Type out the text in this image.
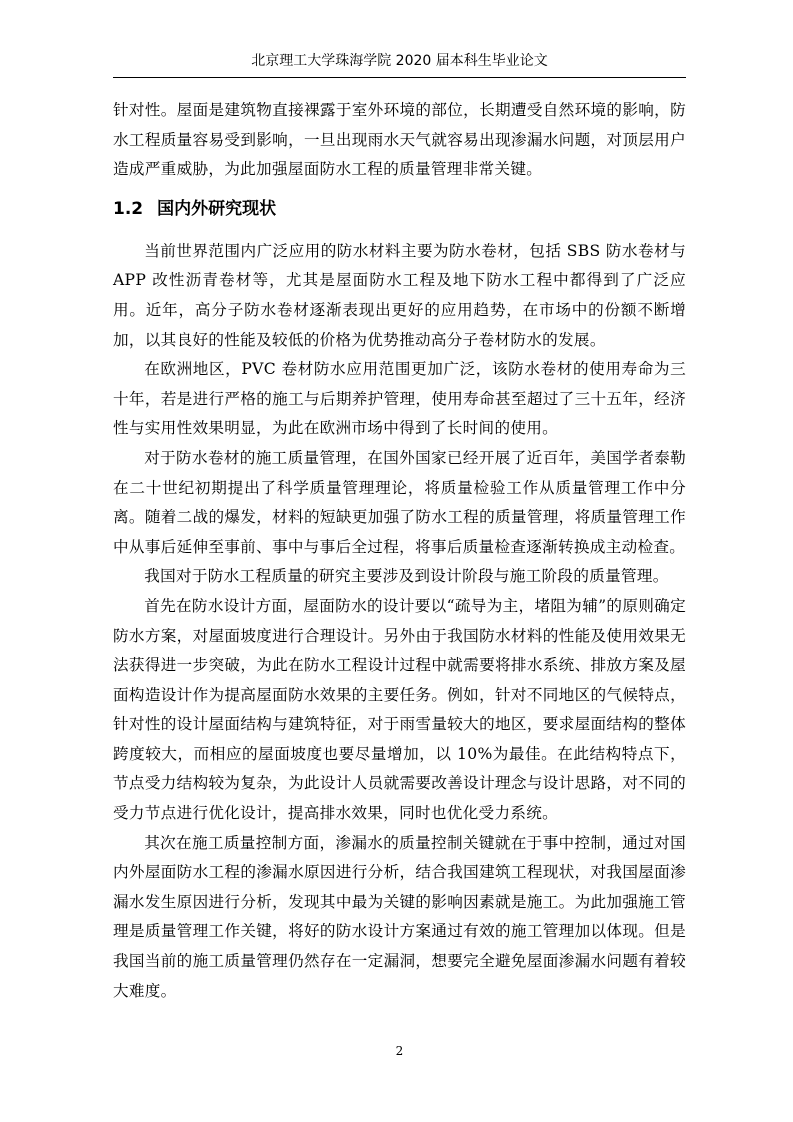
北京理工大学珠海学院 2020 届本科生毕业论文

针对性。屋面是建筑物直接裸露于室外环境的部位，长期遭受自然环境的影响，防水工程质量容易受到影响，一旦出现雨水天气就容易出现渗漏水问题，对顶层用户造成严重威胁，为此加强屋面防水工程的质量管理非常关键。

1.2 国内外研究现状

当前世界范围内广泛应用的防水材料主要为防水卷材，包括 SBS 防水卷材与 APP 改性沥青卷材等，尤其是屋面防水工程及地下防水工程中都得到了广泛应用。近年，高分子防水卷材逐渐表现出更好的应用趋势，在市场中的份额不断增加，以其良好的性能及较低的价格为优势推动高分子卷材防水的发展。

在欧洲地区，PVC 卷材防水应用范围更加广泛，该防水卷材的使用寿命为三十年，若是进行严格的施工与后期养护管理，使用寿命甚至超过了三十五年，经济性与实用性效果明显，为此在欧洲市场中得到了长时间的使用。

对于防水卷材的施工质量管理，在国外国家已经开展了近百年，美国学者泰勒在二十世纪初期提出了科学质量管理理论，将质量检验工作从质量管理工作中分离。随着二战的爆发，材料的短缺更加强了防水工程的质量管理，将质量管理工作中从事后延伸至事前、事中与事后全过程，将事后质量检查逐渐转换成主动检查。

我国对于防水工程质量的研究主要涉及到设计阶段与施工阶段的质量管理。

首先在防水设计方面，屋面防水的设计要以“疏导为主，堵阻为辅”的原则确定防水方案，对屋面坡度进行合理设计。另外由于我国防水材料的性能及使用效果无法获得进一步突破，为此在防水工程设计过程中就需要将排水系统、排放方案及屋面构造设计作为提高屋面防水效果的主要任务。例如，针对不同地区的气候特点，针对性的设计屋面结构与建筑特征，对于雨雪量较大的地区，要求屋面结构的整体跨度较大，而相应的屋面坡度也要尽量增加，以 10%为最佳。在此结构特点下，节点受力结构较为复杂，为此设计人员就需要改善设计理念与设计思路，对不同的受力节点进行优化设计，提高排水效果，同时也优化受力系统。

其次在施工质量控制方面，渗漏水的质量控制关键就在于事中控制，通过对国内外屋面防水工程的渗漏水原因进行分析，结合我国建筑工程现状，对我国屋面渗漏水发生原因进行分析，发现其中最为关键的影响因素就是施工。为此加强施工管理是质量管理工作关键，将好的防水设计方案通过有效的施工管理加以体现。但是我国当前的施工质量管理仍然存在一定漏洞，想要完全避免屋面渗漏水问题有着较大难度。

2
